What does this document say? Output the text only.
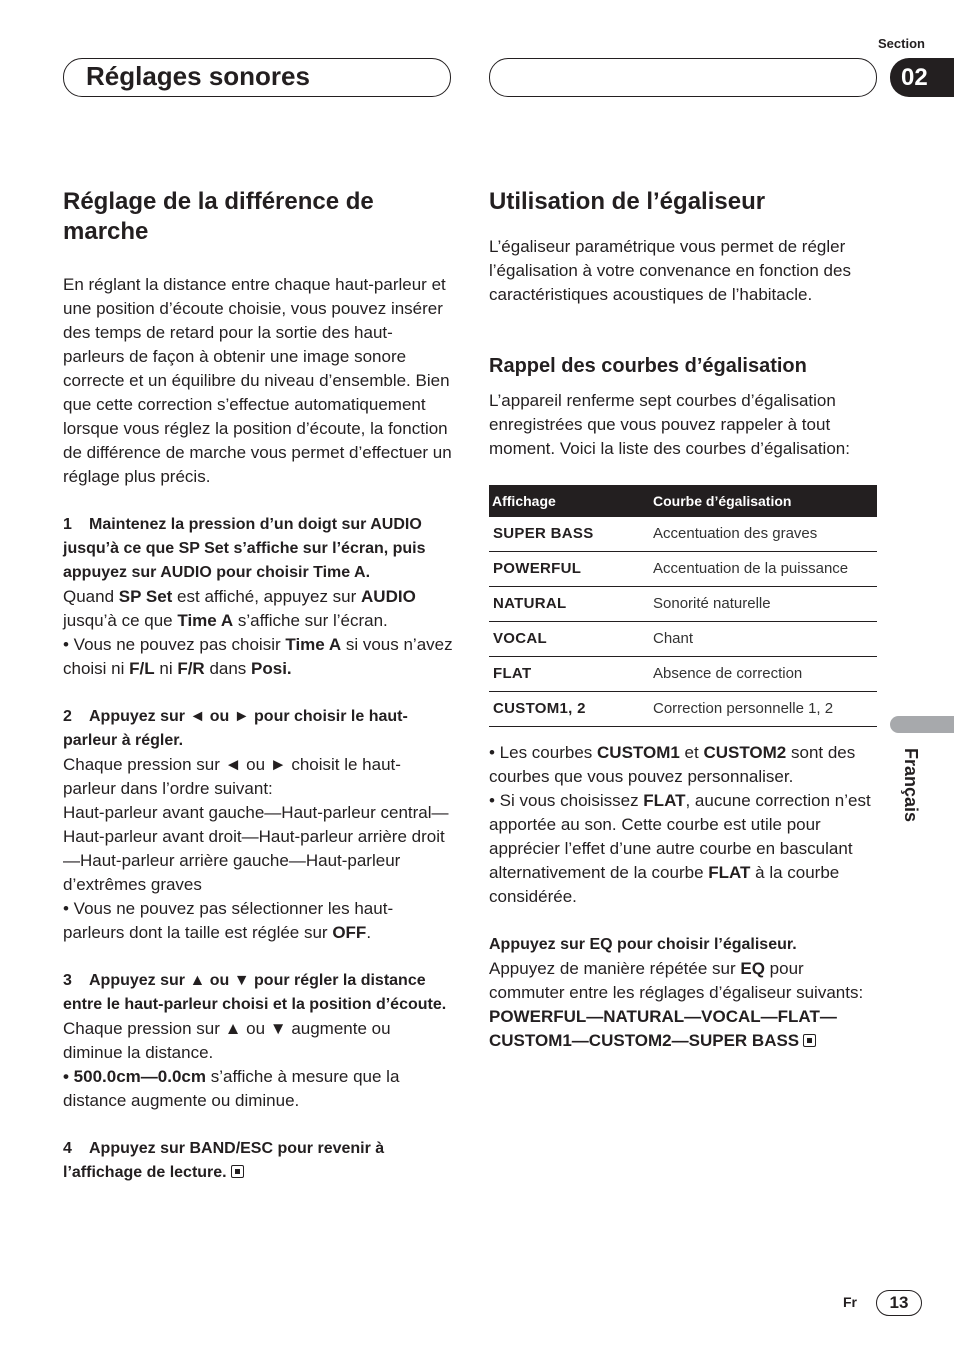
Section
Réglages sonores	02
Français
Réglage de la différence de marche

En réglant la distance entre chaque haut-parleur et une position d’écoute choisie, vous pouvez insérer des temps de retard pour la sortie des haut-parleurs de façon à obtenir une image sonore correcte et un équilibre du niveau d’ensemble. Bien que cette correction s’effectue automatiquement lorsque vous réglez la position d’écoute, la fonction de différence de marche vous permet d’effectuer un réglage plus précis.

1 Maintenez la pression d’un doigt sur AUDIO jusqu’à ce que SP Set s’affiche sur l’écran, puis appuyez sur AUDIO pour choisir Time A.

Quand SP Set est affiché, appuyez sur AUDIO jusqu’à ce que Time A s’affiche sur l’écran.

• Vous ne pouvez pas choisir Time A si vous n’avez choisi ni F/L ni F/R dans Posi.

2 Appuyez sur ◄ ou ► pour choisir le haut-parleur à régler.

Chaque pression sur ◄ ou ► choisit le haut-parleur dans l’ordre suivant:

Haut-parleur avant gauche—Haut-parleur central—Haut-parleur avant droit—Haut-parleur arrière droit—Haut-parleur arrière gauche—Haut-parleur d’extrêmes graves

• Vous ne pouvez pas sélectionner les haut-parleurs dont la taille est réglée sur OFF.

3 Appuyez sur ▲ ou ▼ pour régler la distance entre le haut-parleur choisi et la position d’écoute.

Chaque pression sur ▲ ou ▼ augmente ou diminue la distance.

• 500.0cm—0.0cm s’affiche à mesure que la distance augmente ou diminue.

4 Appuyez sur BAND/ESC pour revenir à l’affichage de lecture.
Utilisation de l’égaliseur

L’égaliseur paramétrique vous permet de régler l’égalisation à votre convenance en fonction des caractéristiques acoustiques de l’habitacle.

Rappel des courbes d’égalisation

L’appareil renferme sept courbes d’égalisation enregistrées que vous pouvez rappeler à tout moment. Voici la liste des courbes d’égalisation:

Affichage	Courbe d’égalisation
SUPER BASS	Accentuation des graves
POWERFUL	Accentuation de la puissance
NATURAL	Sonorité naturelle
VOCAL	Chant
FLAT	Absence de correction
CUSTOM1, 2	Correction personnelle 1, 2

• Les courbes CUSTOM1 et CUSTOM2 sont des courbes que vous pouvez personnaliser.

• Si vous choisissez FLAT, aucune correction n’est apportée au son. Cette courbe est utile pour apprécier l’effet d’une autre courbe en basculant alternativement de la courbe FLAT à la courbe considérée.

Appuyez sur EQ pour choisir l’égaliseur.

Appuyez de manière répétée sur EQ pour commuter entre les réglages d’égaliseur suivants:

POWERFUL—NATURAL—VOCAL—FLAT—CUSTOM1—CUSTOM2—SUPER BASS

Fr	13
